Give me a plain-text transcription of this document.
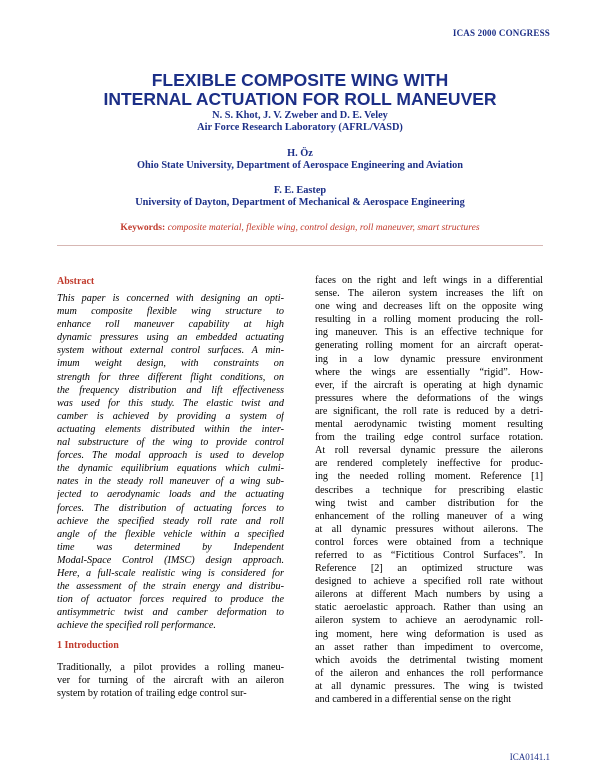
ICAS 2000 CONGRESS
FLEXIBLE COMPOSITE WING WITH
INTERNAL ACTUATION FOR ROLL MANEUVER
N. S. Khot, J. V. Zweber and D. E. Veley
Air Force Research Laboratory (AFRL/VASD)
H. Öz
Ohio State University, Department of Aerospace Engineering and Aviation
F. E. Eastep
University of Dayton, Department of Mechanical & Aerospace Engineering
Keywords: composite material, flexible wing, control design, roll maneuver, smart structures
Abstract
This paper is concerned with designing an opti-
mum composite flexible wing structure to
enhance roll maneuver capability at high
dynamic pressures using an embedded actuating
system without external control surfaces. A min-
imum weight design, with constraints on
strength for three different flight conditions, on
the frequency distribution and lift effectiveness
was used for this study. The elastic twist and
camber is achieved by providing a system of
actuating elements distributed within the inter-
nal substructure of the wing to provide control
forces. The modal approach is used to develop
the dynamic equilibrium equations which culmi-
nates in the steady roll maneuver of a wing sub-
jected to aerodynamic loads and the actuating
forces. The distribution of actuating forces to
achieve the specified steady roll rate and roll
angle of the flexible vehicle within a specified
time was determined by Independent
Modal-Space Control (IMSC) design approach.
Here, a full-scale realistic wing is considered for
the assessment of the strain energy and distribu-
tion of actuator forces required to produce the
antisymmetric twist and camber deformation to
achieve the specified roll performance.
1 Introduction
Traditionally, a pilot provides a rolling maneu-
ver for turning of the aircraft with an aileron
system by rotation of trailing edge control sur-
faces on the right and left wings in a differential
sense. The aileron system increases the lift on
one wing and decreases lift on the opposite wing
resulting in a rolling moment producing the roll-
ing maneuver. This is an effective technique for
generating rolling moment for an aircraft operat-
ing in a low dynamic pressure environment
where the wings are essentially “rigid”. How-
ever, if the aircraft is operating at high dynamic
pressures where the deformations of the wings
are significant, the roll rate is reduced by a detri-
mental aerodynamic twisting moment resulting
from the trailing edge control surface rotation.
At roll reversal dynamic pressure the ailerons
are rendered completely ineffective for produc-
ing the needed rolling moment. Reference [1]
describes a technique for prescribing elastic
wing twist and camber distribution for the
enhancement of the rolling maneuver of a wing
at all dynamic pressures without ailerons. The
control forces were obtained from a technique
referred to as “Fictitious Control Surfaces”. In
Reference [2] an optimized structure was
designed to achieve a specified roll rate without
ailerons at different Mach numbers by using a
static aeroelastic approach. Rather than using an
aileron system to achieve an aerodynamic roll-
ing moment, here wing deformation is used as
an asset rather than impediment to overcome,
which avoids the detrimental twisting moment
of the aileron and enhances the roll performance
at all dynamic pressures. The wing is twisted
and cambered in a differential sense on the right
ICA0141.1
